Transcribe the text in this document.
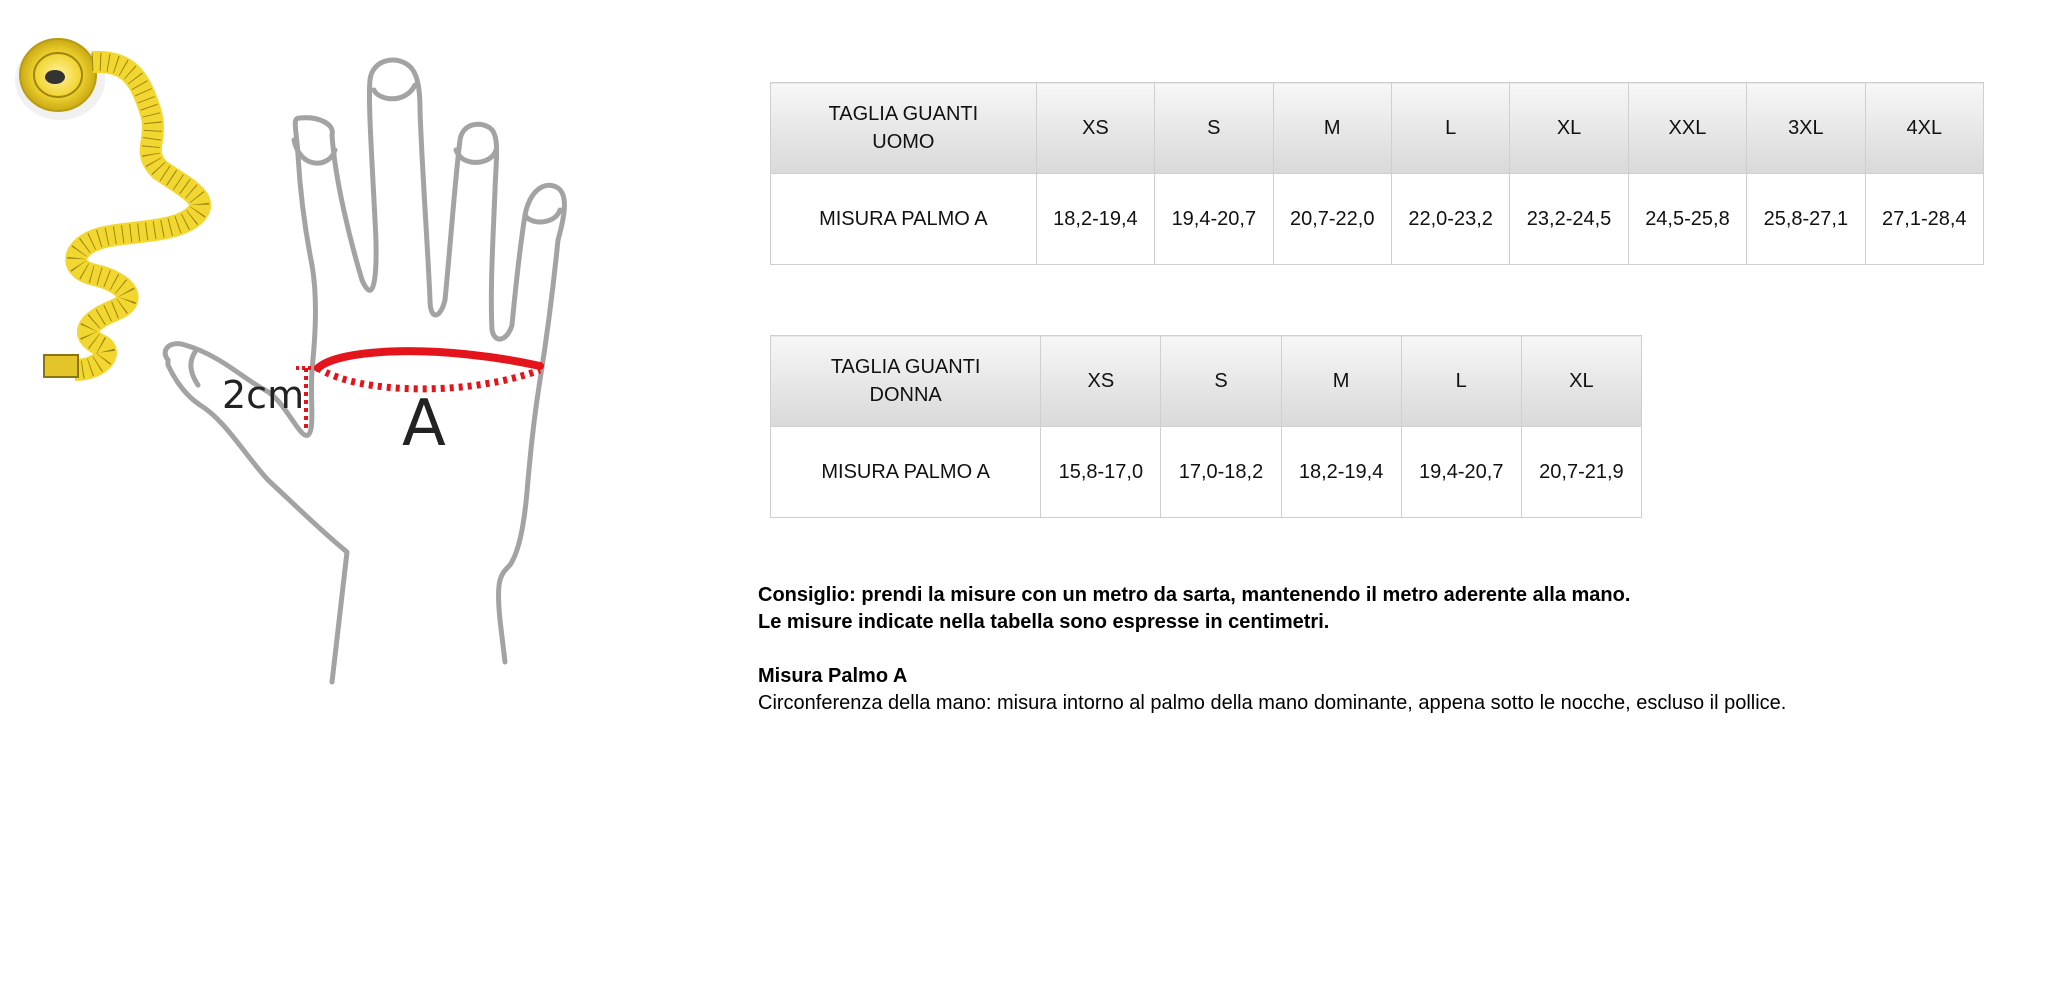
2cm A
TAGLIA GUANTI
UOMO	XS	S	M	L	XL	XXL	3XL	4XL
MISURA PALMO A	18,2-19,4	19,4-20,7	20,7-22,0	22,0-23,2	23,2-24,5	24,5-25,8	25,8-27,1	27,1-28,4
TAGLIA GUANTI
DONNA	XS	S	M	L	XL
MISURA PALMO A	15,8-17,0	17,0-18,2	18,2-19,4	19,4-20,7	20,7-21,9

Consiglio: prendi la misure con un metro da sarta, mantenendo il metro aderente alla mano.

Le misure indicate nella tabella sono espresse in centimetri.

Misura Palmo A

Circonferenza della mano: misura intorno al palmo della mano dominante, appena sotto le nocche, escluso il pollice.
